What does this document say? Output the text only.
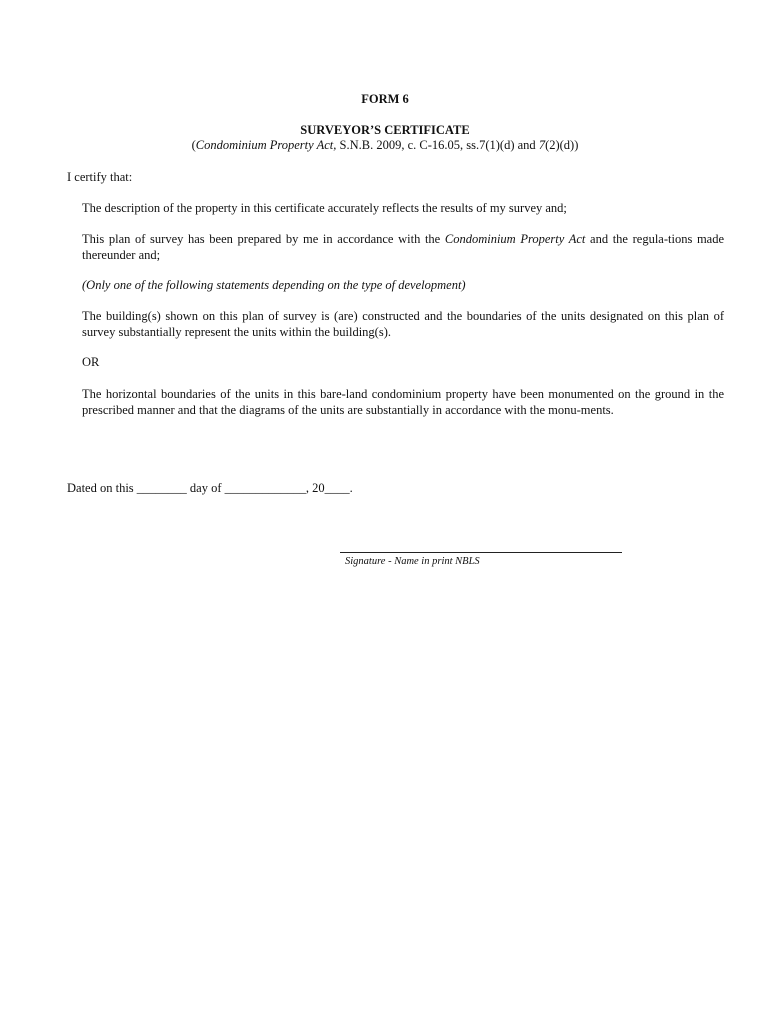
FORM 6
SURVEYOR’S CERTIFICATE
(Condominium Property Act, S.N.B. 2009, c. C-16.05, ss.7(1)(d) and 7(2)(d))
I certify that:
The description of the property in this certificate accurately reflects the results of my survey and;
This plan of survey has been prepared by me in accordance with the Condominium Property Act and the regula-tions made thereunder and;
(Only one of the following statements depending on the type of development)
The building(s) shown on this plan of survey is (are) constructed and the boundaries of the units designated on this plan of survey substantially represent the units within the building(s).
OR
The horizontal boundaries of the units in this bare-land condominium property have been monumented on the ground in the prescribed manner and that the diagrams of the units are substantially in accordance with the monu-ments.
Dated on this ________ day of _____________, 20____.
Signature - Name in print NBLS
